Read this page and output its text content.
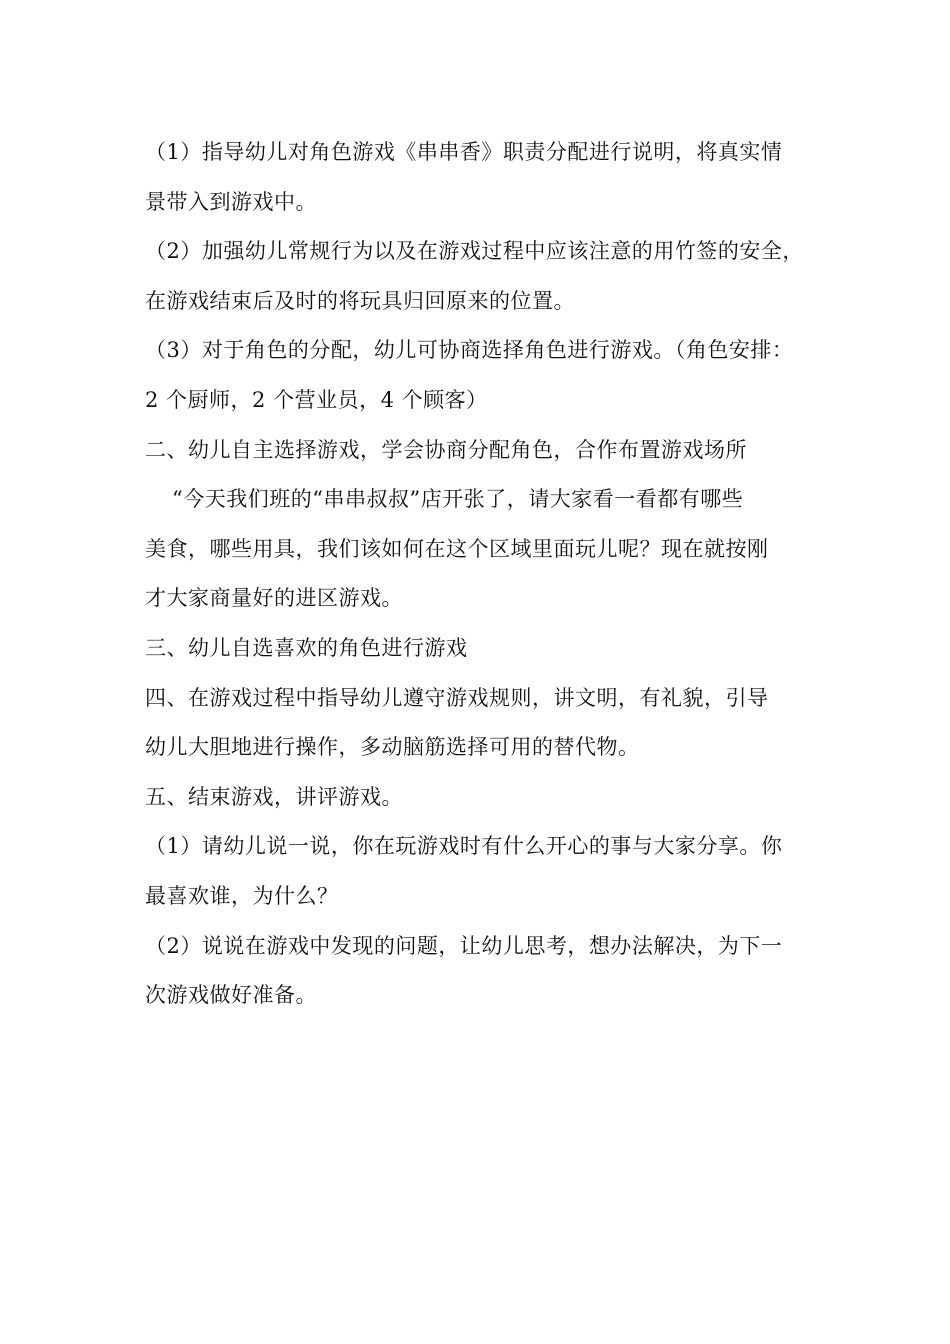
（1）指导幼儿对角色游戏《串串香》职责分配进行说明，将真实情
景带入到游戏中。
（2）加强幼儿常规行为以及在游戏过程中应该注意的用竹签的安全，
在游戏结束后及时的将玩具归回原来的位置。
（3）对于角色的分配，幼儿可协商选择角色进行游戏。（角色安排：
2 个厨师，2 个营业员，4 个顾客）
二、幼儿自主选择游戏，学会协商分配角色，合作布置游戏场所
“今天我们班的“串串叔叔”店开张了，请大家看一看都有哪些
美食，哪些用具，我们该如何在这个区域里面玩儿呢？现在就按刚
才大家商量好的进区游戏。
三、幼儿自选喜欢的角色进行游戏
四、在游戏过程中指导幼儿遵守游戏规则，讲文明，有礼貌，引导
幼儿大胆地进行操作，多动脑筋选择可用的替代物。
五、结束游戏，讲评游戏。
（1）请幼儿说一说，你在玩游戏时有什么开心的事与大家分享。你
最喜欢谁，为什么？
（2）说说在游戏中发现的问题，让幼儿思考，想办法解决，为下一
次游戏做好准备。
